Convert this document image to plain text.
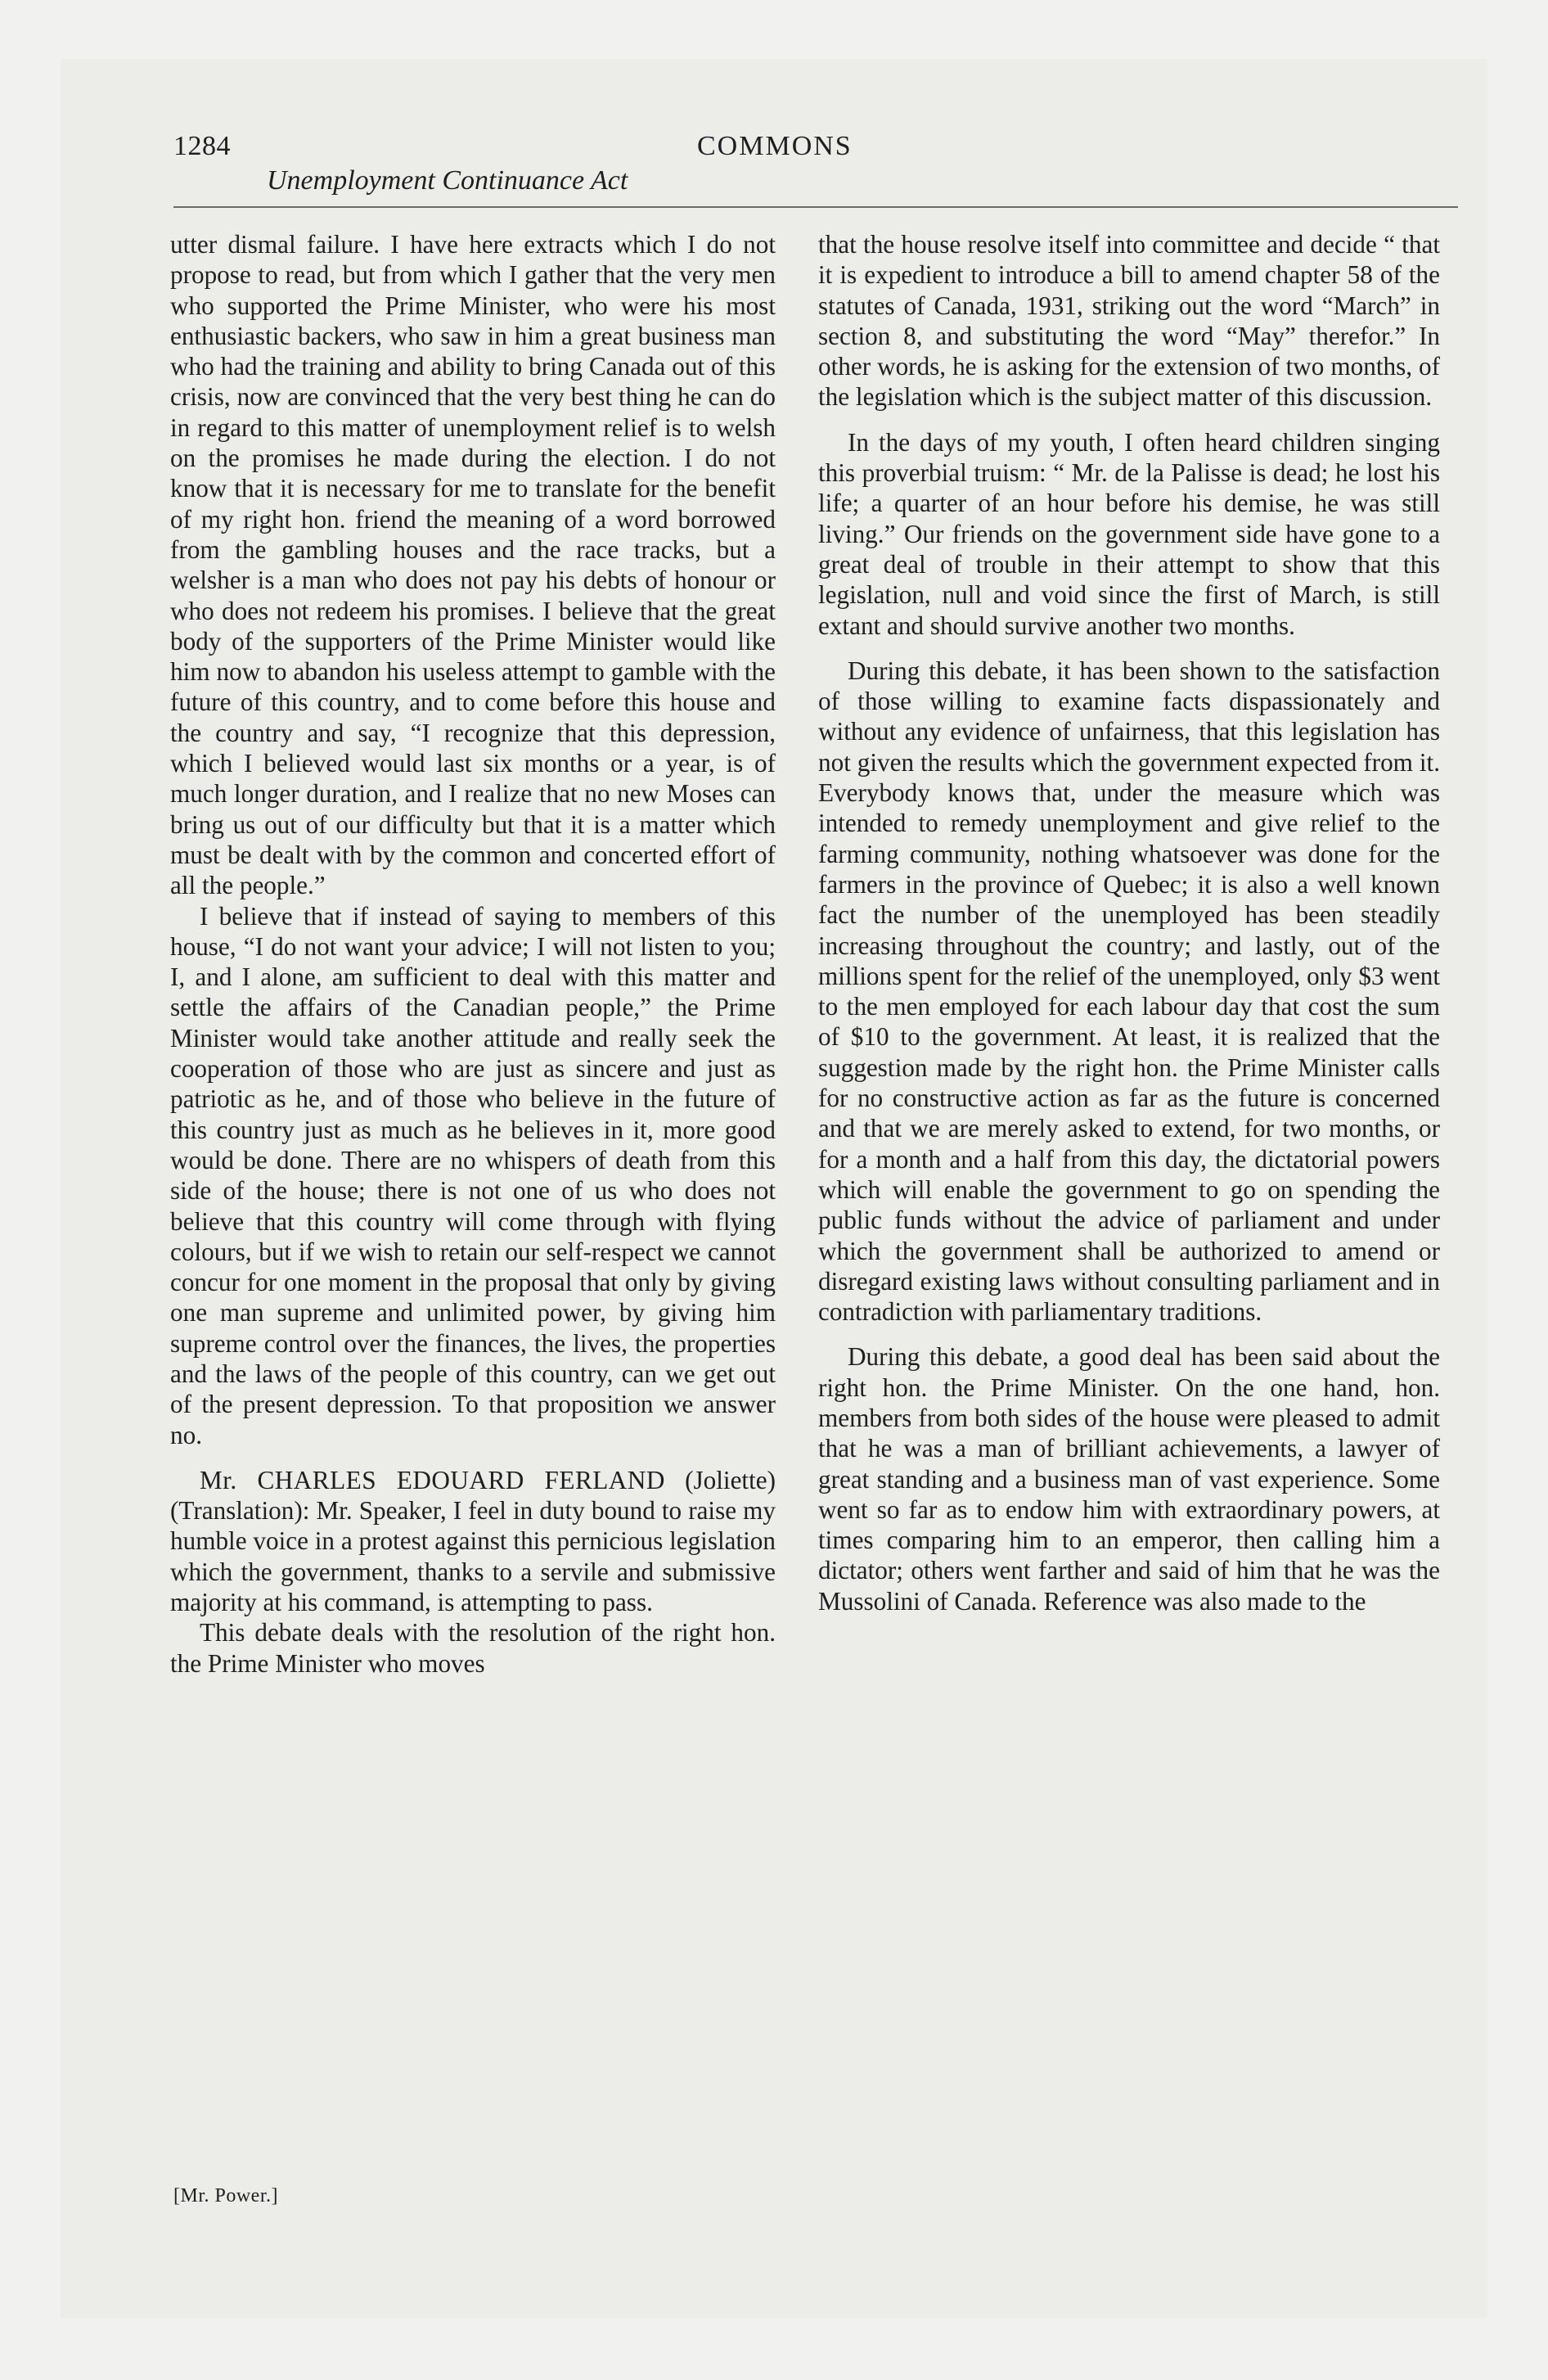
1284	COMMONS
Unemployment Continuance Act

utter dismal failure. I have here extracts which I do not propose to read, but from which I gather that the very men who supported the Prime Minister, who were his most enthusiastic backers, who saw in him a great business man who had the training and ability to bring Canada out of this crisis, now are convinced that the very best thing he can do in regard to this matter of unemployment relief is to welsh on the promises he made during the election. I do not know that it is necessary for me to translate for the benefit of my right hon. friend the meaning of a word borrowed from the gambling houses and the race tracks, but a welsher is a man who does not pay his debts of honour or who does not redeem his promises. I believe that the great body of the supporters of the Prime Minister would like him now to abandon his useless attempt to gamble with the future of this country, and to come before this house and the country and say, “I recognize that this depression, which I believed would last six months or a year, is of much longer duration, and I realize that no new Moses can bring us out of our difficulty but that it is a matter which must be dealt with by the common and concerted effort of all the people.”

I believe that if instead of saying to members of this house, “I do not want your advice; I will not listen to you; I, and I alone, am sufficient to deal with this matter and settle the affairs of the Canadian people,” the Prime Minister would take another attitude and really seek the cooperation of those who are just as sincere and just as patriotic as he, and of those who believe in the future of this country just as much as he believes in it, more good would be done. There are no whispers of death from this side of the house; there is not one of us who does not believe that this country will come through with flying colours, but if we wish to retain our self-respect we cannot concur for one moment in the proposal that only by giving one man supreme and unlimited power, by giving him supreme control over the finances, the lives, the properties and the laws of the people of this country, can we get out of the present depression. To that proposition we answer no.

Mr. CHARLES EDOUARD FERLAND (Joliette) (Translation): Mr. Speaker, I feel in duty bound to raise my humble voice in a protest against this pernicious legislation which the government, thanks to a servile and submissive majority at his command, is attempting to pass.

This debate deals with the resolution of the right hon. the Prime Minister who moves

that the house resolve itself into committee and decide “ that it is expedient to introduce a bill to amend chapter 58 of the statutes of Canada, 1931, striking out the word “March” in section 8, and substituting the word “May” therefor.” In other words, he is asking for the extension of two months, of the legislation which is the subject matter of this discussion.

In the days of my youth, I often heard children singing this proverbial truism: “ Mr. de la Palisse is dead; he lost his life; a quarter of an hour before his demise, he was still living.” Our friends on the government side have gone to a great deal of trouble in their attempt to show that this legislation, null and void since the first of March, is still extant and should survive another two months.

During this debate, it has been shown to the satisfaction of those willing to examine facts dispassionately and without any evidence of unfairness, that this legislation has not given the results which the government expected from it. Everybody knows that, under the measure which was intended to remedy unemployment and give relief to the farming community, nothing whatsoever was done for the farmers in the province of Quebec; it is also a well known fact the number of the unemployed has been steadily increasing throughout the country; and lastly, out of the millions spent for the relief of the unemployed, only $3 went to the men employed for each labour day that cost the sum of $10 to the government. At least, it is realized that the suggestion made by the right hon. the Prime Minister calls for no constructive action as far as the future is concerned and that we are merely asked to extend, for two months, or for a month and a half from this day, the dictatorial powers which will enable the government to go on spending the public funds without the advice of parliament and under which the government shall be authorized to amend or disregard existing laws without consulting parliament and in contradiction with parliamentary traditions.

During this debate, a good deal has been said about the right hon. the Prime Minister. On the one hand, hon. members from both sides of the house were pleased to admit that he was a man of brilliant achievements, a lawyer of great standing and a business man of vast experience. Some went so far as to endow him with extraordinary powers, at times comparing him to an emperor, then calling him a dictator; others went farther and said of him that he was the Mussolini of Canada. Reference was also made to the

[Mr. Power.]
